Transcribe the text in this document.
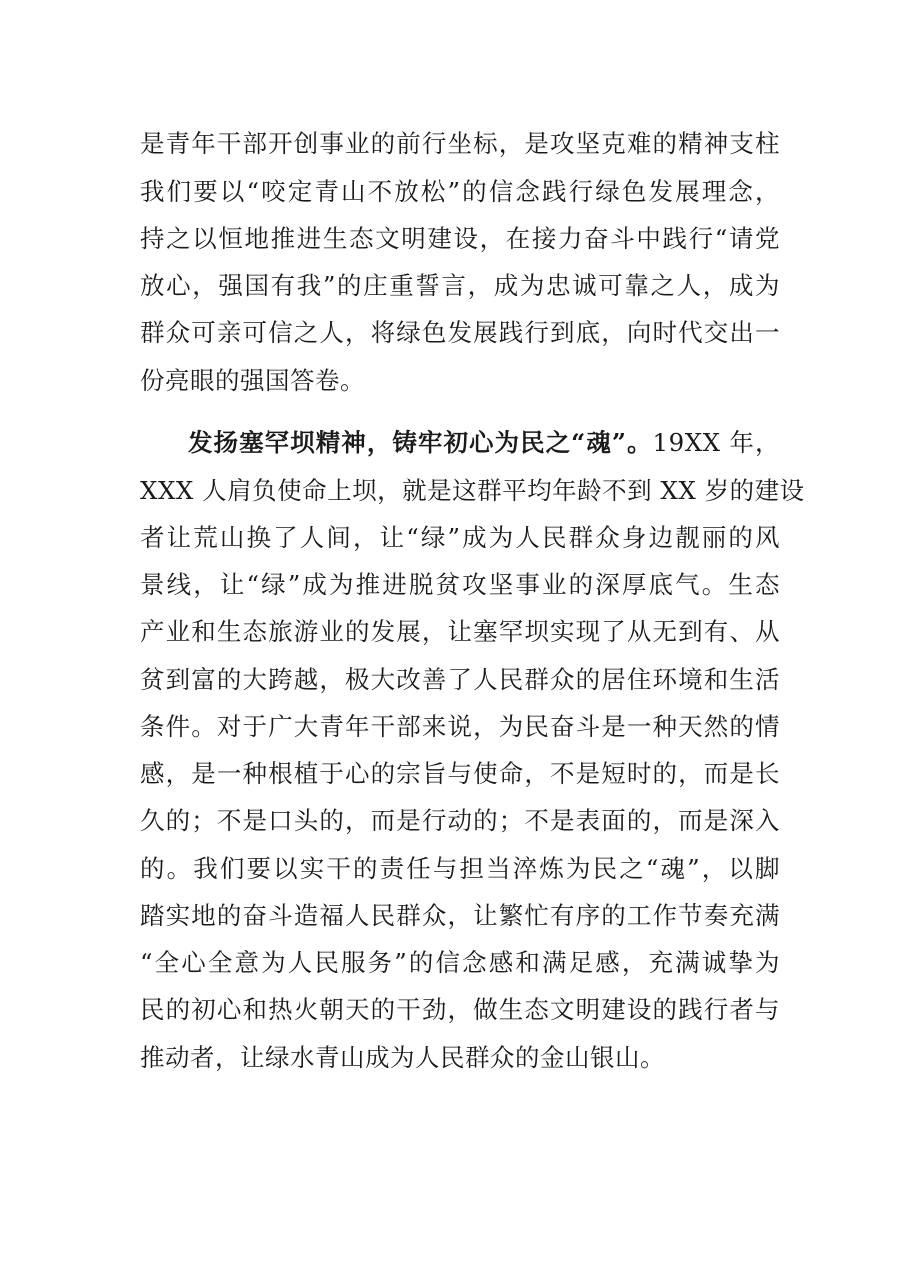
是青年干部开创事业的前行坐标，是攻坚克难的精神支柱
我们要以“咬定青山不放松”的信念践行绿色发展理念，
持之以恒地推进生态文明建设，在接力奋斗中践行“请党
放心，强国有我”的庄重誓言，成为忠诚可靠之人，成为
群众可亲可信之人，将绿色发展践行到底，向时代交出一
份亮眼的强国答卷。
发扬塞罕坝精神，铸牢初心为民之“魂”。19XX 年，
XXX 人肩负使命上坝，就是这群平均年龄不到 XX 岁的建设
者让荒山换了人间，让“绿”成为人民群众身边靓丽的风
景线，让“绿”成为推进脱贫攻坚事业的深厚底气。生态
产业和生态旅游业的发展，让塞罕坝实现了从无到有、从
贫到富的大跨越，极大改善了人民群众的居住环境和生活
条件。对于广大青年干部来说，为民奋斗是一种天然的情
感，是一种根植于心的宗旨与使命，不是短时的，而是长
久的；不是口头的，而是行动的；不是表面的，而是深入
的。我们要以实干的责任与担当淬炼为民之“魂”，以脚
踏实地的奋斗造福人民群众，让繁忙有序的工作节奏充满
“全心全意为人民服务”的信念感和满足感，充满诚挚为
民的初心和热火朝天的干劲，做生态文明建设的践行者与
推动者，让绿水青山成为人民群众的金山银山。
